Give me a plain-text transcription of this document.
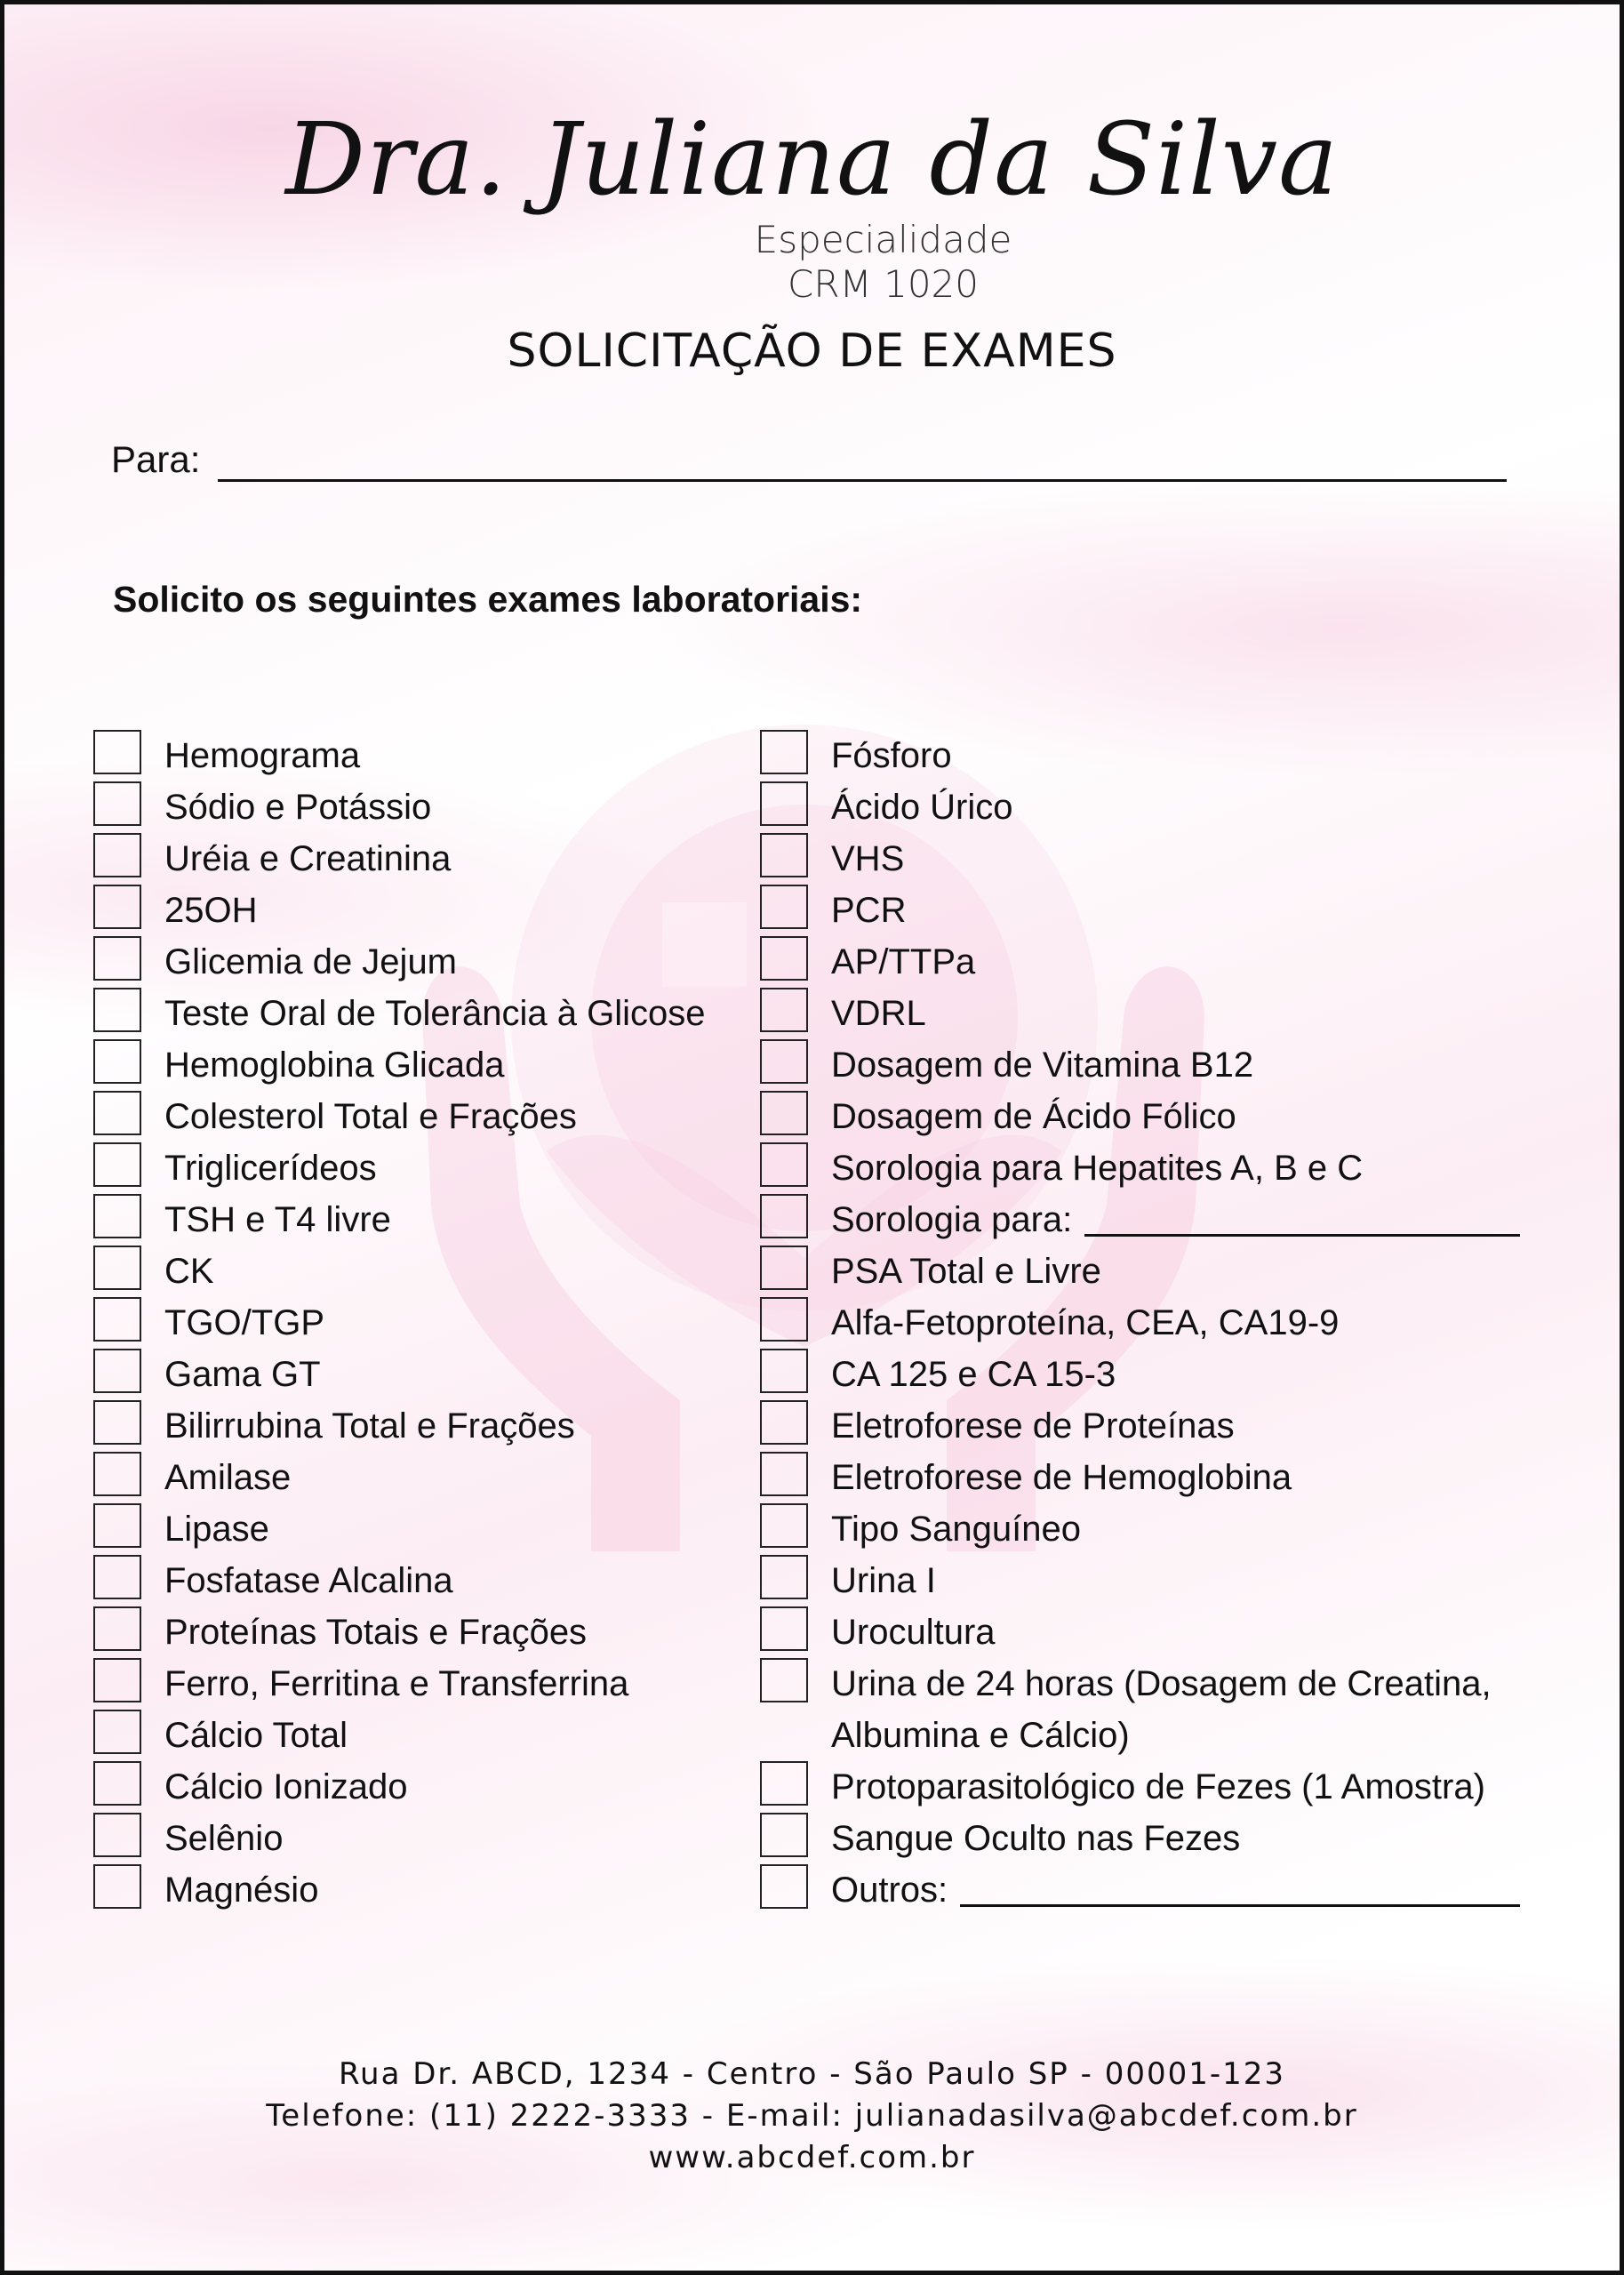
Dra. Juliana da Silva
Especialidade
CRM 1020
SOLICITAÇÃO DE EXAMES
Para:
Solicito os seguintes exames laboratoriais:
Hemograma
Sódio e Potássio
Uréia e Creatinina
25OH
Glicemia de Jejum
Teste Oral de Tolerância à Glicose
Hemoglobina Glicada
Colesterol Total e Frações
Triglicerídeos
TSH e T4 livre
CK
TGO/TGP
Gama GT
Bilirrubina Total e Frações
Amilase
Lipase
Fosfatase Alcalina
Proteínas Totais e Frações
Ferro, Ferritina e Transferrina
Cálcio Total
Cálcio Ionizado
Selênio
Magnésio
Fósforo
Ácido Úrico
VHS
PCR
AP/TTPa
VDRL
Dosagem de Vitamina B12
Dosagem de Ácido Fólico
Sorologia para Hepatites A, B e C
Sorologia para:
PSA Total e Livre
Alfa-Fetoproteína, CEA, CA19-9
CA 125 e CA 15-3
Eletroforese de Proteínas
Eletroforese de Hemoglobina
Tipo Sanguíneo
Urina I
Urocultura
Urina de 24 horas (Dosagem de Creatina, Albumina e Cálcio)
Protoparasitológico de Fezes (1 Amostra)
Sangue Oculto nas Fezes
Outros:
Rua Dr. ABCD, 1234 - Centro - São Paulo SP - 00001-123
Telefone: (11) 2222-3333 - E-mail: julianadasilva@abcdef.com.br
www.abcdef.com.br
